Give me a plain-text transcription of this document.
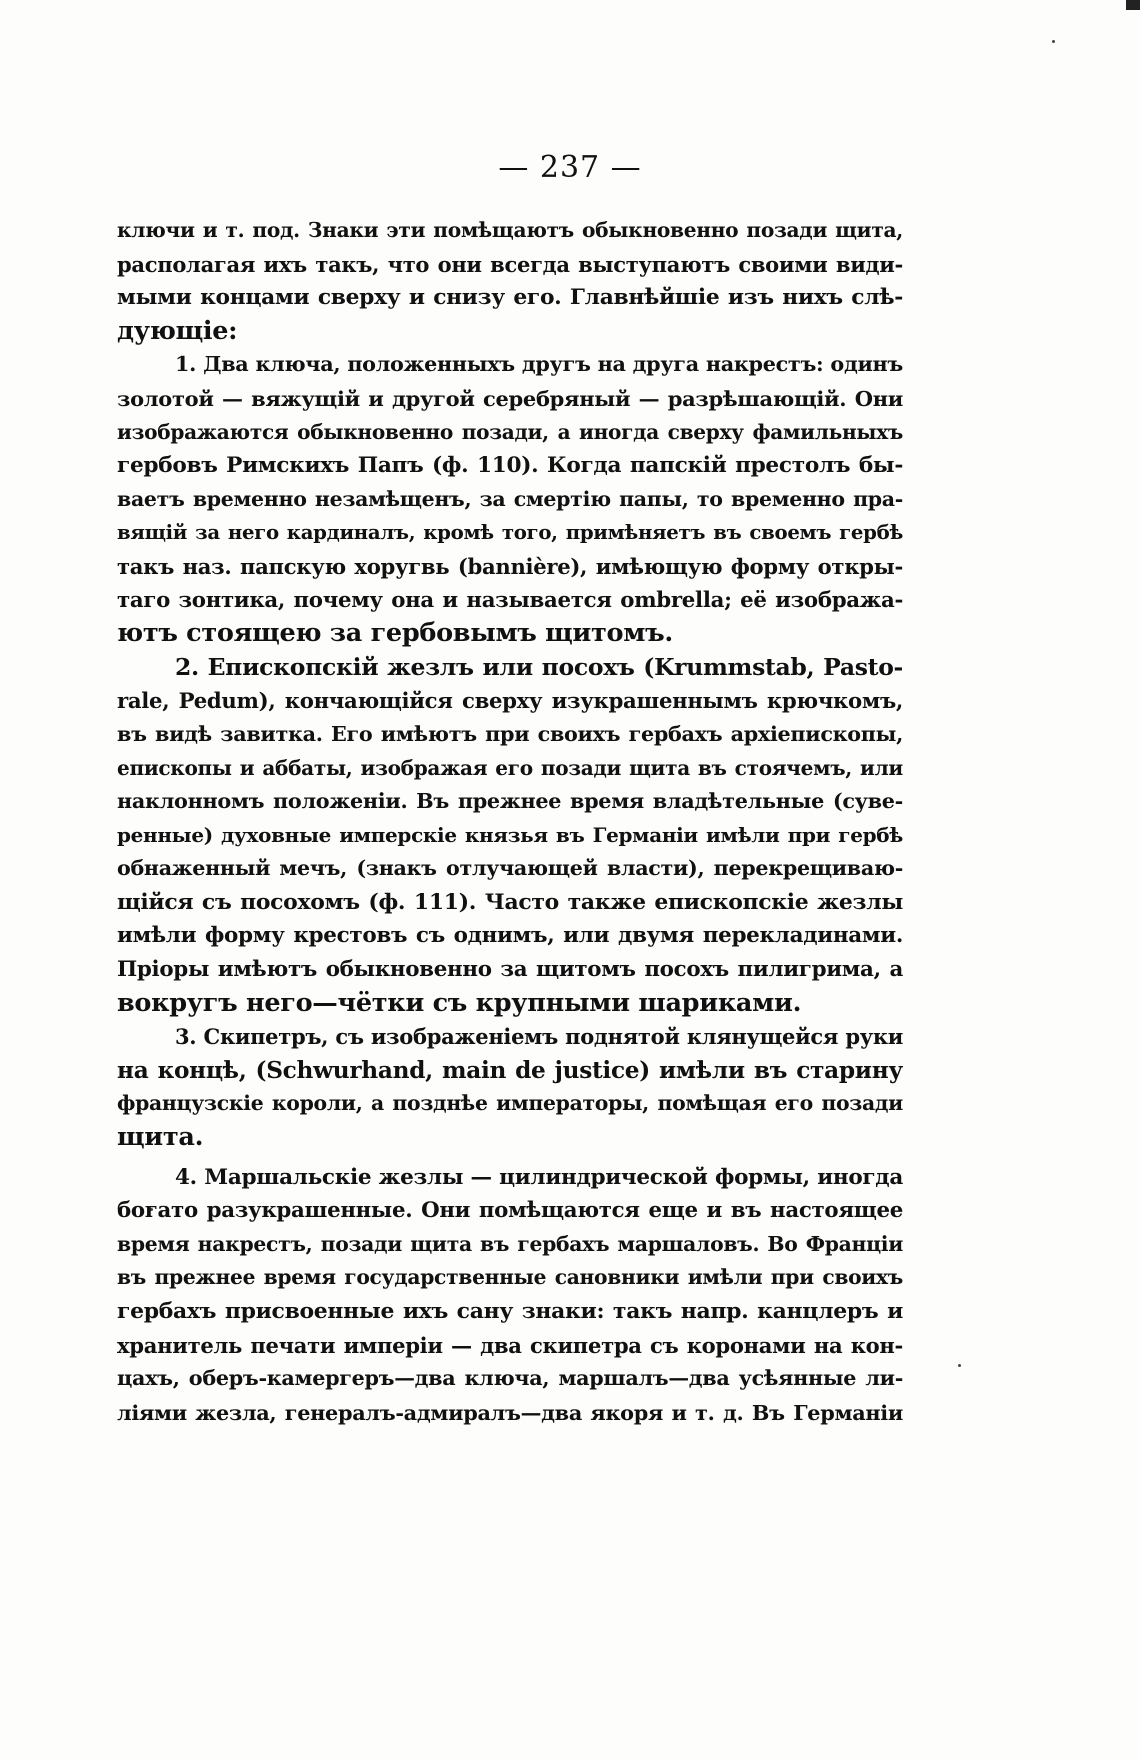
— 237 —
ключи и т. под. Знаки эти помѣщаютъ обыкновенно позади щита,
располагая ихъ такъ, что они всегда выступаютъ своими види-
мыми концами сверху и снизу его. Главнѣйшіе изъ нихъ слѣ-
дующіе:
1. Два ключа, положенныхъ другъ на друга накрестъ: одинъ
золотой — вяжущій и другой серебряный — разрѣшающій. Они
изображаются обыкновенно позади, а иногда сверху фамильныхъ
гербовъ Римскихъ Папъ (ф. 110). Когда папскій престолъ бы-
ваетъ временно незамѣщенъ, за смертію папы, то временно пра-
вящій за него кардиналъ, кромѣ того, примѣняетъ въ своемъ гербѣ
такъ наз. папскую хоругвь (bannière), имѣющую форму откры-
таго зонтика, почему она и называется ombrella; её изобража-
ютъ стоящею за гербовымъ щитомъ.
2. Епископскій жезлъ или посохъ (Krummstab, Pasto-
rale, Pedum), кончающійся сверху изукрашеннымъ крючкомъ,
въ видѣ завитка. Его имѣютъ при своихъ гербахъ архіепископы,
епископы и аббаты, изображая его позади щита въ стоячемъ, или
наклонномъ положеніи. Въ прежнее время владѣтельные (суве-
ренные) духовные имперскіе князья въ Германіи имѣли при гербѣ
обнаженный мечъ, (знакъ отлучающей власти), перекрещиваю-
щійся съ посохомъ (ф. 111). Часто также епископскіе жезлы
имѣли форму крестовъ съ однимъ, или двумя перекладинами.
Пріоры имѣютъ обыкновенно за щитомъ посохъ пилигрима, а
вокругъ него—чётки съ крупными шариками.
3. Скипетръ, съ изображеніемъ поднятой клянущейся руки
на концѣ, (Schwurhand, main de justice) имѣли въ старину
французскіе короли, а позднѣе императоры, помѣщая его позади
щита.
4. Маршальскіе жезлы — цилиндрической формы, иногда
богато разукрашенные. Они помѣщаются еще и въ настоящее
время накрестъ, позади щита въ гербахъ маршаловъ. Во Франціи
въ прежнее время государственные сановники имѣли при своихъ
гербахъ присвоенные ихъ сану знаки: такъ напр. канцлеръ и
хранитель печати имперіи — два скипетра съ коронами на кон-
цахъ, оберъ-камергеръ—два ключа, маршалъ—два усѣянные ли-
ліями жезла, генералъ-адмиралъ—два якоря и т. д. Въ Германіи
